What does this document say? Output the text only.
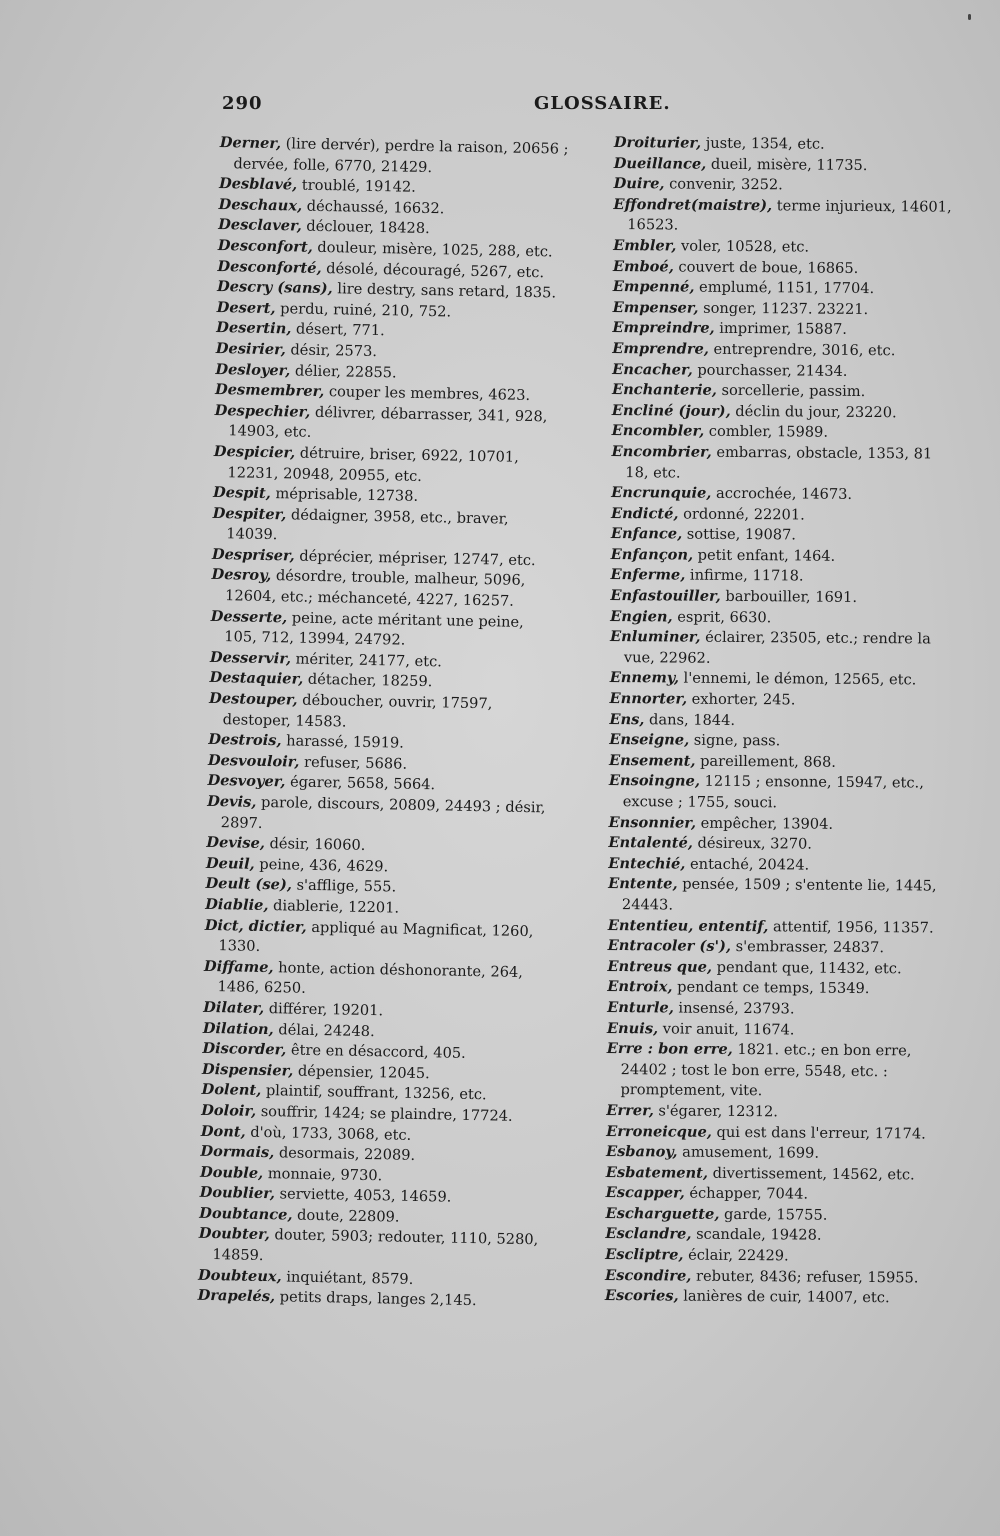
290	GLOSSAIRE.

Derner, (lire dervér), perdre la raison, 20656 ; dervée, folle, 6770, 21429.

Desblavé, troublé, 19142.

Deschaux, déchaussé, 16632.

Desclaver, déclouer, 18428.

Desconfort, douleur, misère, 1025, 288, etc.

Desconforté, désolé, découragé, 5267, etc.

Descry (sans), lire destry, sans retard, 1835.

Desert, perdu, ruiné, 210, 752.

Desertin, désert, 771.

Desirier, désir, 2573.

Desloyer, délier, 22855.

Desmembrer, couper les membres, 4623.

Despechier, délivrer, débarrasser, 341, 928, 14903, etc.

Despicier, détruire, briser, 6922, 10701, 12231, 20948, 20955, etc.

Despit, méprisable, 12738.

Despiter, dédaigner, 3958, etc., braver, 14039.

Despriser, déprécier, mépriser, 12747, etc.

Desroy, désordre, trouble, malheur, 5096, 12604, etc.; méchanceté, 4227, 16257.

Desserte, peine, acte méritant une peine, 105, 712, 13994, 24792.

Desservir, mériter, 24177, etc.

Destaquier, détacher, 18259.

Destouper, déboucher, ouvrir, 17597, destoper, 14583.

Destrois, harassé, 15919.

Desvouloir, refuser, 5686.

Desvoyer, égarer, 5658, 5664.

Devis, parole, discours, 20809, 24493 ; désir, 2897.

Devise, désir, 16060.

Deuil, peine, 436, 4629.

Deult (se), s'afflige, 555.

Diablie, diablerie, 12201.

Dict, dictier, appliqué au Magnificat, 1260, 1330.

Diffame, honte, action déshonorante, 264, 1486, 6250.

Dilater, différer, 19201.

Dilation, délai, 24248.

Discorder, être en désaccord, 405.

Dispensier, dépensier, 12045.

Dolent, plaintif, souffrant, 13256, etc.

Doloir, souffrir, 1424; se plaindre, 17724.

Dont, d'où, 1733, 3068, etc.

Dormais, desormais, 22089.

Double, monnaie, 9730.

Doublier, serviette, 4053, 14659.

Doubtance, doute, 22809.

Doubter, douter, 5903; redouter, 1110, 5280, 14859.

Doubteux, inquiétant, 8579.

Drapelés, petits draps, langes 2,145.

Droiturier, juste, 1354, etc.

Dueillance, dueil, misère, 11735.

Duire, convenir, 3252.

Effondret(maistre), terme injurieux, 14601, 16523.

Embler, voler, 10528, etc.

Emboé, couvert de boue, 16865.

Empenné, emplumé, 1151, 17704.

Empenser, songer, 11237. 23221.

Empreindre, imprimer, 15887.

Emprendre, entreprendre, 3016, etc.

Encacher, pourchasser, 21434.

Enchanterie, sorcellerie, passim.

Encliné (jour), déclin du jour, 23220.

Encombler, combler, 15989.

Encombrier, embarras, obstacle, 1353, 81 18, etc.

Encrunquie, accrochée, 14673.

Endicté, ordonné, 22201.

Enfance, sottise, 19087.

Enfançon, petit enfant, 1464.

Enferme, infirme, 11718.

Enfastouiller, barbouiller, 1691.

Engien, esprit, 6630.

Enluminer, éclairer, 23505, etc.; rendre la vue, 22962.

Ennemy, l'ennemi, le démon, 12565, etc.

Ennorter, exhorter, 245.

Ens, dans, 1844.

Enseigne, signe, pass.

Ensement, pareillement, 868.

Ensoingne, 12115 ; ensonne, 15947, etc., excuse ; 1755, souci.

Ensonnier, empêcher, 13904.

Entalenté, désireux, 3270.

Entechié, entaché, 20424.

Entente, pensée, 1509 ; s'entente lie, 1445, 24443.

Ententieu, ententif, attentif, 1956, 11357.

Entracoler (s'), s'embrasser, 24837.

Entreus que, pendant que, 11432, etc.

Entroix, pendant ce temps, 15349.

Enturle, insensé, 23793.

Enuis, voir anuit, 11674.

Erre : bon erre, 1821. etc.; en bon erre, 24402 ; tost le bon erre, 5548, etc. : promptement, vite.

Errer, s'égarer, 12312.

Erroneicque, qui est dans l'erreur, 17174.

Esbanoy, amusement, 1699.

Esbatement, divertissement, 14562, etc.

Escapper, échapper, 7044.

Escharguette, garde, 15755.

Esclandre, scandale, 19428.

Escliptre, éclair, 22429.

Escondire, rebuter, 8436; refuser, 15955.

Escories, lanières de cuir, 14007, etc.
